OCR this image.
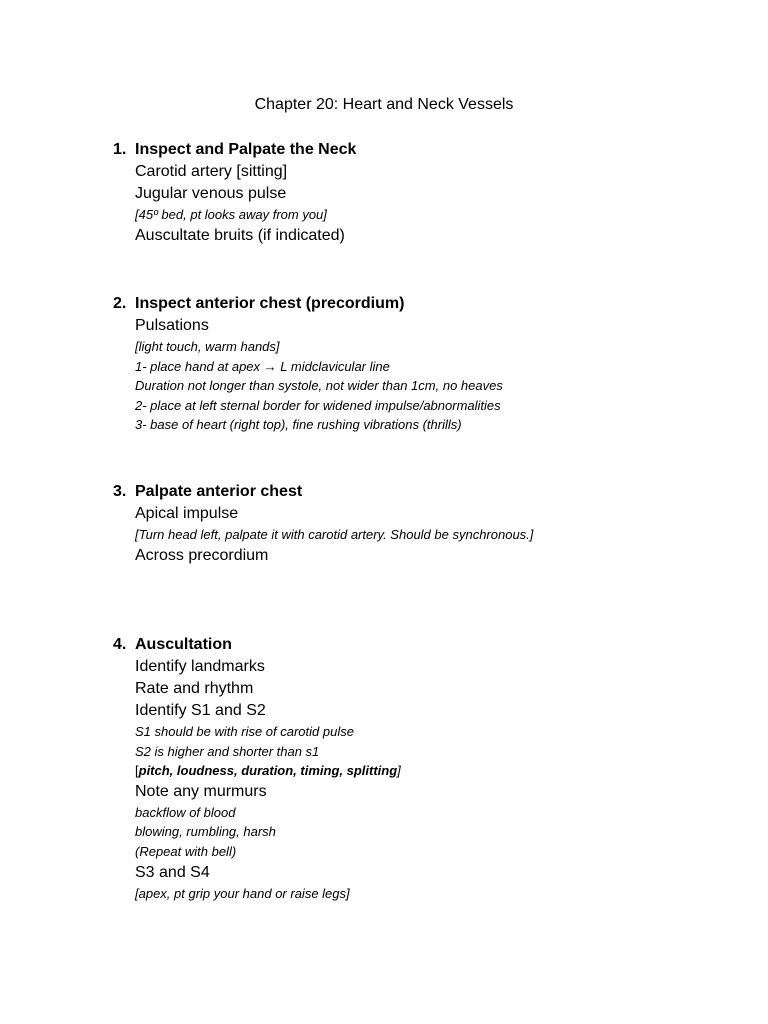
Chapter 20: Heart and Neck Vessels
1. Inspect and Palpate the Neck
Carotid artery [sitting]
Jugular venous pulse
[45º bed, pt looks away from you]
Auscultate bruits (if indicated)
2. Inspect anterior chest (precordium)
Pulsations
[light touch, warm hands]
1- place hand at apex → L midclavicular line
Duration not longer than systole, not wider than 1cm, no heaves
2- place at left sternal border for widened impulse/abnormalities
3- base of heart (right top), fine rushing vibrations (thrills)
3. Palpate anterior chest
Apical impulse
[Turn head left, palpate it with carotid artery. Should be synchronous.]
Across precordium
4. Auscultation
Identify landmarks
Rate and rhythm
Identify S1 and S2
S1 should be with rise of carotid pulse
S2 is higher and shorter than s1
[pitch, loudness, duration, timing, splitting]
Note any murmurs
backflow of blood
blowing, rumbling, harsh
(Repeat with bell)
S3 and S4
[apex, pt grip your hand or raise legs]
